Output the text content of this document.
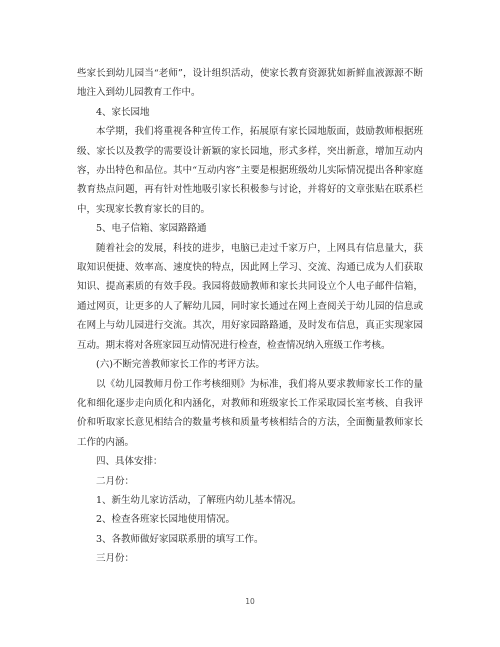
些家长到幼儿园当“老师”，设计组织活动，使家长教育资源犹如新鲜血液源源不断地注入到幼儿园教育工作中。

4、家长园地

本学期，我们将重视各种宣传工作，拓展原有家长园地版面，鼓励教师根据班级、家长以及教学的需要设计新颖的家长园地，形式多样，突出新意，增加互动内容，办出特色和品位。其中“互动内容”主要是根据班级幼儿实际情况提出各种家庭教育热点问题，再有针对性地吸引家长积极参与讨论，并将好的文章张贴在联系栏中，实现家长教育家长的目的。

5、电子信箱、家园路路通

随着社会的发展，科技的进步，电脑已走过千家万户，上网具有信息量大，获取知识便捷、效率高、速度快的特点，因此网上学习、交流、沟通已成为人们获取知识、提高素质的有效手段。我园将鼓励教师和家长共同设立个人电子邮件信箱，通过网页，让更多的人了解幼儿园，同时家长通过在网上查阅关于幼儿园的信息或在网上与幼儿园进行交流。其次，用好家园路路通，及时发布信息，真正实现家园互动。期末将对各班家园互动情况进行检查，检查情况纳入班级工作考核。

(六)不断完善教师家长工作的考评方法。

以《幼儿园教师月份工作考核细则》为标准，我们将从要求教师家长工作的量化和细化逐步走向质化和内涵化，对教师和班级家长工作采取园长室考核、自我评价和听取家长意见相结合的数量考核和质量考核相结合的方法，全面衡量教师家长工作的内涵。

四、具体安排：

二月份：

1、新生幼儿家访活动，了解班内幼儿基本情况。

2、检查各班家长园地使用情况。

3、各教师做好家园联系册的填写工作。

三月份：

10
